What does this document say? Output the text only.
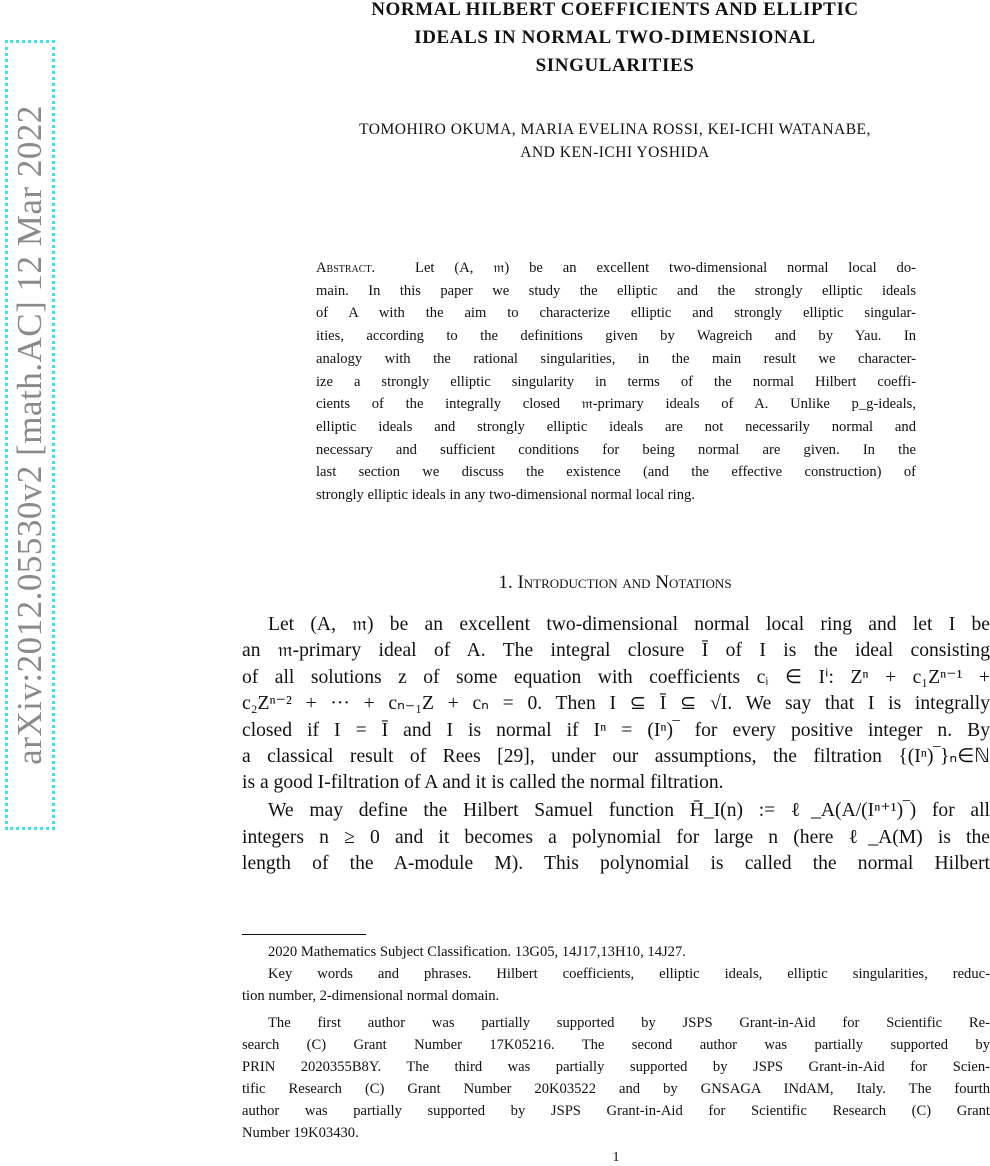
arXiv:2012.05530v2 [math.AC] 12 Mar 2022
NORMAL HILBERT COEFFICIENTS AND ELLIPTIC
IDEALS IN NORMAL TWO-DIMENSIONAL
SINGULARITIES
TOMOHIRO OKUMA, MARIA EVELINA ROSSI, KEI-ICHI WATANABE,
AND KEN-ICHI YOSHIDA
Abstract.	Let (A, 𝔪) be an excellent two-dimensional normal local do-
main. In this paper we study the elliptic and the strongly elliptic ideals
of A with the aim to characterize elliptic and strongly elliptic singular-
ities, according to the definitions given by Wagreich and by Yau. In
analogy with the rational singularities, in the main result we character-
ize a strongly elliptic singularity in terms of the normal Hilbert coeffi-
cients of the integrally closed 𝔪-primary ideals of A. Unlike p_g-ideals,
elliptic ideals and strongly elliptic ideals are not necessarily normal and
necessary and sufficient conditions for being normal are given. In the
last section we discuss the existence (and the effective construction) of
strongly elliptic ideals in any two-dimensional normal local ring.
1. Introduction and Notations
Let (A, 𝔪) be an excellent two-dimensional normal local ring and let I be
an 𝔪-primary ideal of A. The integral closure Ī of I is the ideal consisting
of all solutions z of some equation with coefficients cᵢ ∈ Iⁱ: Zⁿ + c₁Zⁿ⁻¹ +
c₂Zⁿ⁻² + ··· + cₙ₋₁Z + cₙ = 0. Then I ⊆ Ī ⊆ √I. We say that I is integrally
closed if I = Ī and I is normal if Iⁿ = (Iⁿ)‾ for every positive integer n. By
a classical result of Rees [29], under our assumptions, the filtration {(Iⁿ)‾}ₙ∈ℕ
is a good I-filtration of A and it is called the normal filtration.
We may define the Hilbert Samuel function H̄_I(n) := ℓ_A(A/(Iⁿ⁺¹)‾) for all
integers n ≥ 0 and it becomes a polynomial for large n (here ℓ_A(M) is the
length of the A-module M). This polynomial is called the normal Hilbert
2020 Mathematics Subject Classification. 13G05, 14J17,13H10, 14J27.
Key words and phrases. Hilbert coefficients, elliptic ideals, elliptic singularities, reduc-
tion number, 2-dimensional normal domain.
The first author was partially supported by JSPS Grant-in-Aid for Scientific Re-
search (C) Grant Number 17K05216. The second author was partially supported by
PRIN 2020355B8Y. The third was partially supported by JSPS Grant-in-Aid for Scien-
tific Research (C) Grant Number 20K03522 and by GNSAGA INdAM, Italy. The fourth
author was partially supported by JSPS Grant-in-Aid for Scientific Research (C) Grant
Number 19K03430.
1
